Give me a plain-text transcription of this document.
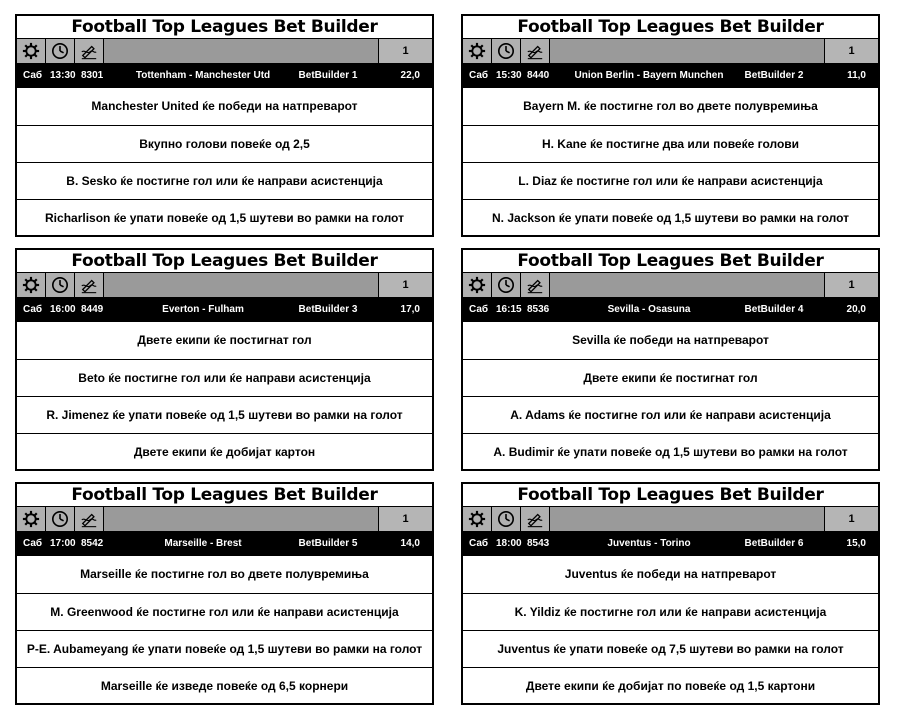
Football Top Leagues Bet Builder
1
Саб 13:30 8301	Tottenham - Manchester Utd	BetBuilder 1	22,0
Manchester United ќе победи на натпреварот
Вкупно голови повеќе од 2,5
B. Sesko ќе постигне гол или ќе направи асистенција
Richarlison ќе упати повеќе од 1,5 шутеви во рамки на голот
Football Top Leagues Bet Builder
1
Саб 15:30 8440	Union Berlin - Bayern Munchen	BetBuilder 2	11,0
Bayern M. ќе постигне гол во двете полувремиња
H. Kane ќе постигне два или повеќе голови
L. Diaz ќе постигне гол или ќе направи асистенција
N. Jackson ќе упати повеќе од 1,5 шутеви во рамки на голот
Football Top Leagues Bet Builder
1
Саб 16:00 8449	Everton - Fulham	BetBuilder 3	17,0
Двете екипи ќе постигнат гол
Beto ќе постигне гол или ќе направи асистенција
R. Jimenez ќе упати повеќе од 1,5 шутеви во рамки на голот
Двете екипи ќе добијат картон
Football Top Leagues Bet Builder
1
Саб 16:15 8536	Sevilla - Osasuna	BetBuilder 4	20,0
Sevilla ќе победи на натпреварот
Двете екипи ќе постигнат гол
A. Adams ќе постигне гол или ќе направи асистенција
A. Budimir ќе упати повеќе од 1,5 шутеви во рамки на голот
Football Top Leagues Bet Builder
1
Саб 17:00 8542	Marseille - Brest	BetBuilder 5	14,0
Marseille ќе постигне гол во двете полувремиња
M. Greenwood ќе постигне гол или ќе направи асистенција
P-E. Aubameyang ќе упати повеќе од 1,5 шутеви во рамки на голот
Marseille ќе изведе повеќе од 6,5 корнери
Football Top Leagues Bet Builder
1
Саб 18:00 8543	Juventus - Torino	BetBuilder 6	15,0
Juventus ќе победи на натпреварот
K. Yildiz ќе постигне гол или ќе направи асистенција
Juventus ќе упати повеќе од 7,5 шутеви во рамки на голот
Двете екипи ќе добијат по повеќе од 1,5 картони
